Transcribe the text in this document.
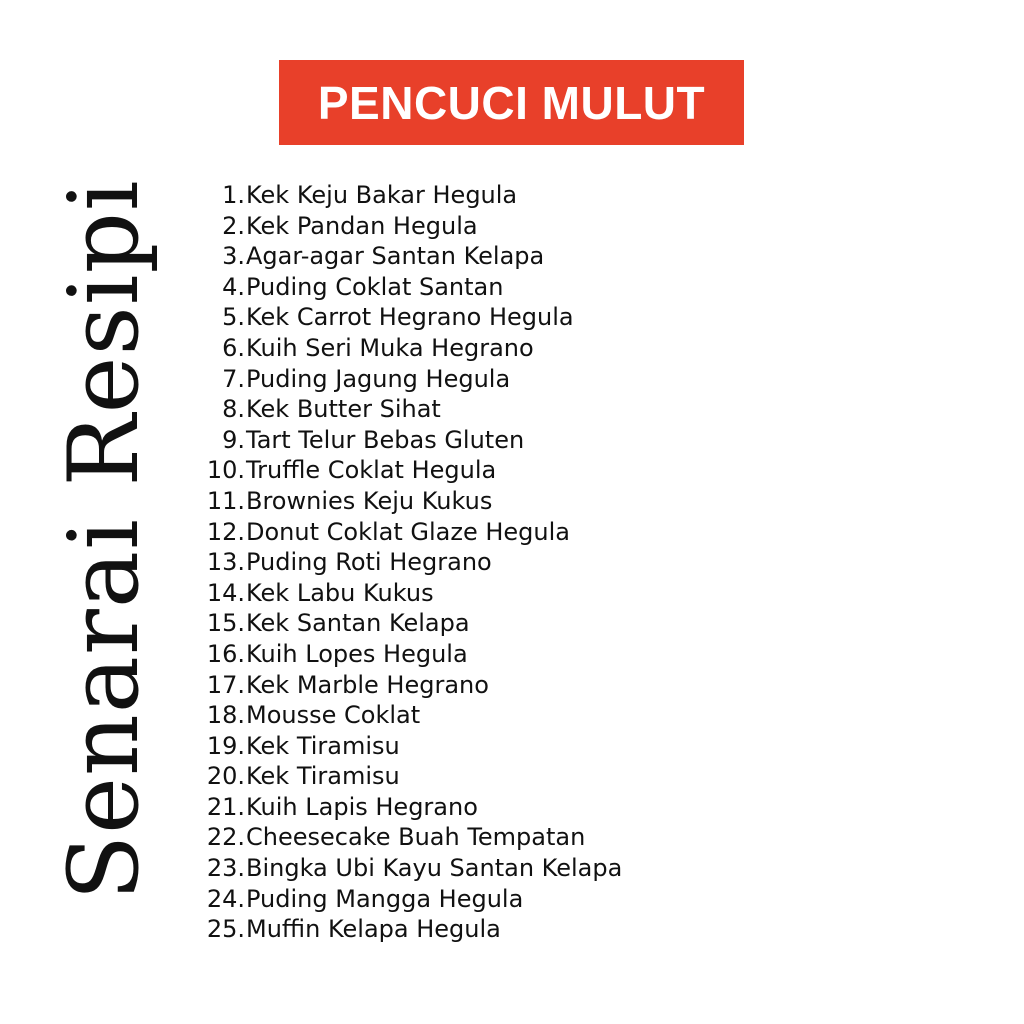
PENCUCI MULUT
Senarai Resipi	1. Kek Keju Bakar Hegula
2. Kek Pandan Hegula
3. Agar-agar Santan Kelapa
4. Puding Coklat Santan
5. Kek Carrot Hegrano Hegula
6. Kuih Seri Muka Hegrano
7. Puding Jagung Hegula
8. Kek Butter Sihat
9. Tart Telur Bebas Gluten
10. Truffle Coklat Hegula
11. Brownies Keju Kukus
12. Donut Coklat Glaze Hegula
13. Puding Roti Hegrano
14. Kek Labu Kukus
15. Kek Santan Kelapa
16. Kuih Lopes Hegula
17. Kek Marble Hegrano
18. Mousse Coklat
19. Kek Tiramisu
20. Kek Tiramisu
21. Kuih Lapis Hegrano
22. Cheesecake Buah Tempatan
23. Bingka Ubi Kayu Santan Kelapa
24. Puding Mangga Hegula
25. Muffin Kelapa Hegula
